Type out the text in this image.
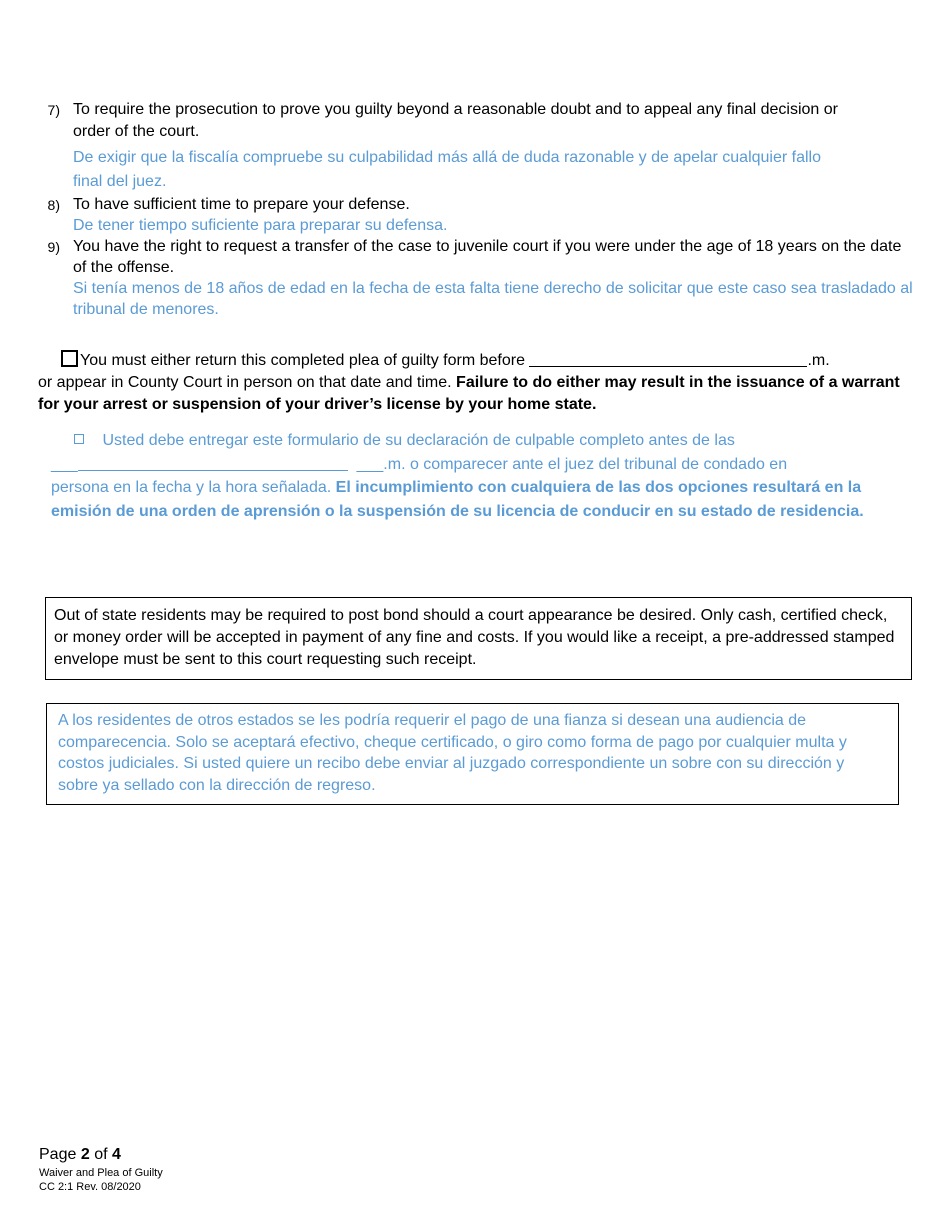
7) To require the prosecution to prove you guilty beyond a reasonable doubt and to appeal any final decision or order of the court.
De exigir que la fiscalía compruebe su culpabilidad más allá de duda razonable y de apelar cualquier fallo final del juez.
8) To have sufficient time to prepare your defense.
De tener tiempo suficiente para preparar su defensa.
9) You have the right to request a transfer of the case to juvenile court if you were under the age of 18 years on the date of the offense.
Si tenía menos de 18 años de edad en la fecha de esta falta tiene derecho de solicitar que este caso sea trasladado al tribunal de menores.
You must either return this completed plea of guilty form before	.m.
or appear in County Court in person on that date and time. Failure to do either may result in the issuance of a warrant for your arrest or suspension of your driver’s license by your home state.
Usted debe entregar este formulario de su declaración de culpable completo antes de las
___	___.m. o comparecer ante el juez del tribunal de condado en
persona en la fecha y la hora señalada. El incumplimiento con cualquiera de las dos opciones resultará en la emisión de una orden de aprensión o la suspensión de su licencia de conducir en su estado de residencia.
Out of state residents may be required to post bond should a court appearance be desired. Only cash, certified check, or money order will be accepted in payment of any fine and costs. If you would like a receipt, a pre-addressed stamped envelope must be sent to this court requesting such receipt.
A los residentes de otros estados se les podría requerir el pago de una fianza si desean una audiencia de comparecencia. Solo se aceptará efectivo, cheque certificado, o giro como forma de pago por cualquier multa y costos judiciales. Si usted quiere un recibo debe enviar al juzgado correspondiente un sobre con su dirección y sobre ya sellado con la dirección de regreso.
Page 2 of 4
Waiver and Plea of Guilty
CC 2:1 Rev. 08/2020
